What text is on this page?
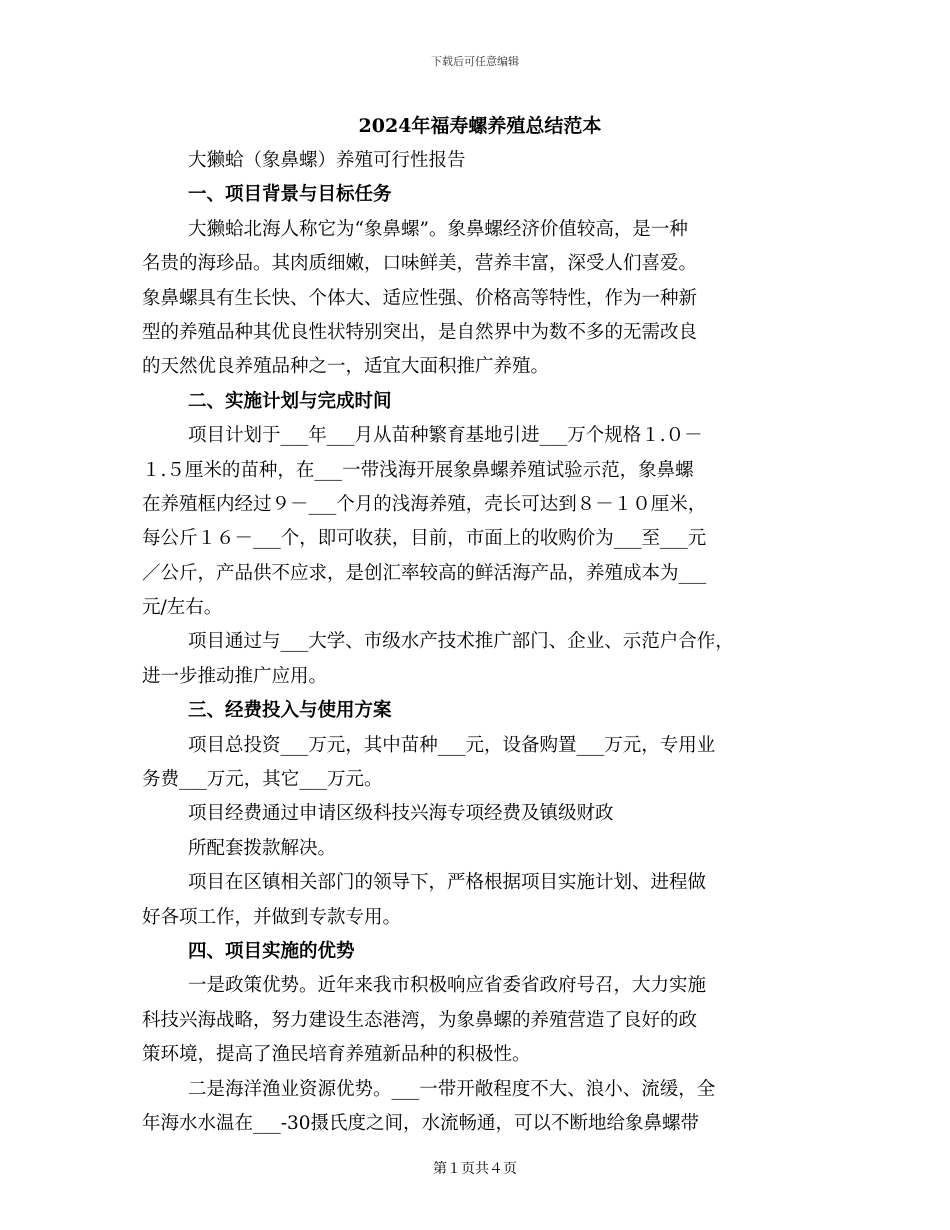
下载后可任意编辑
2024年福寿螺养殖总结范本

大獭蛤（象鼻螺）养殖可行性报告

一、项目背景与目标任务

大獭蛤北海人称它为“象鼻螺”。象鼻螺经济价值较高，是一种

名贵的海珍品。其肉质细嫩，口味鲜美，营养丰富，深受人们喜爱。

象鼻螺具有生长快、个体大、适应性强、价格高等特性，作为一种新

型的养殖品种其优良性状特别突出，是自然界中为数不多的无需改良

的天然优良养殖品种之一，适宜大面积推广养殖。

二、实施计划与完成时间

项目计划于___年___月从苗种繁育基地引进___万个规格１.０－

１.５厘米的苗种，在___一带浅海开展象鼻螺养殖试验示范，象鼻螺

在养殖框内经过９－___个月的浅海养殖，壳长可达到８－１０厘米，

每公斤１６－___个，即可收获，目前，市面上的收购价为___至___元

／公斤，产品供不应求，是创汇率较高的鲜活海产品，养殖成本为___

元/左右。

项目通过与___大学、市级水产技术推广部门、企业、示范户合作，

进一步推动推广应用。

三、经费投入与使用方案

项目总投资___万元，其中苗种___元，设备购置___万元，专用业

务费___万元，其它___万元。

项目经费通过申请区级科技兴海专项经费及镇级财政

所配套拨款解决。

项目在区镇相关部门的领导下，严格根据项目实施计划、进程做

好各项工作，并做到专款专用。

四、项目实施的优势

一是政策优势。近年来我市积极响应省委省政府号召，大力实施

科技兴海战略，努力建设生态港湾，为象鼻螺的养殖营造了良好的政

策环境，提高了渔民培育养殖新品种的积极性。

二是海洋渔业资源优势。___一带开敞程度不大、浪小、流缓，全

年海水水温在___-30摄氏度之间，水流畅通，可以不断地给象鼻螺带

第１页共４页
